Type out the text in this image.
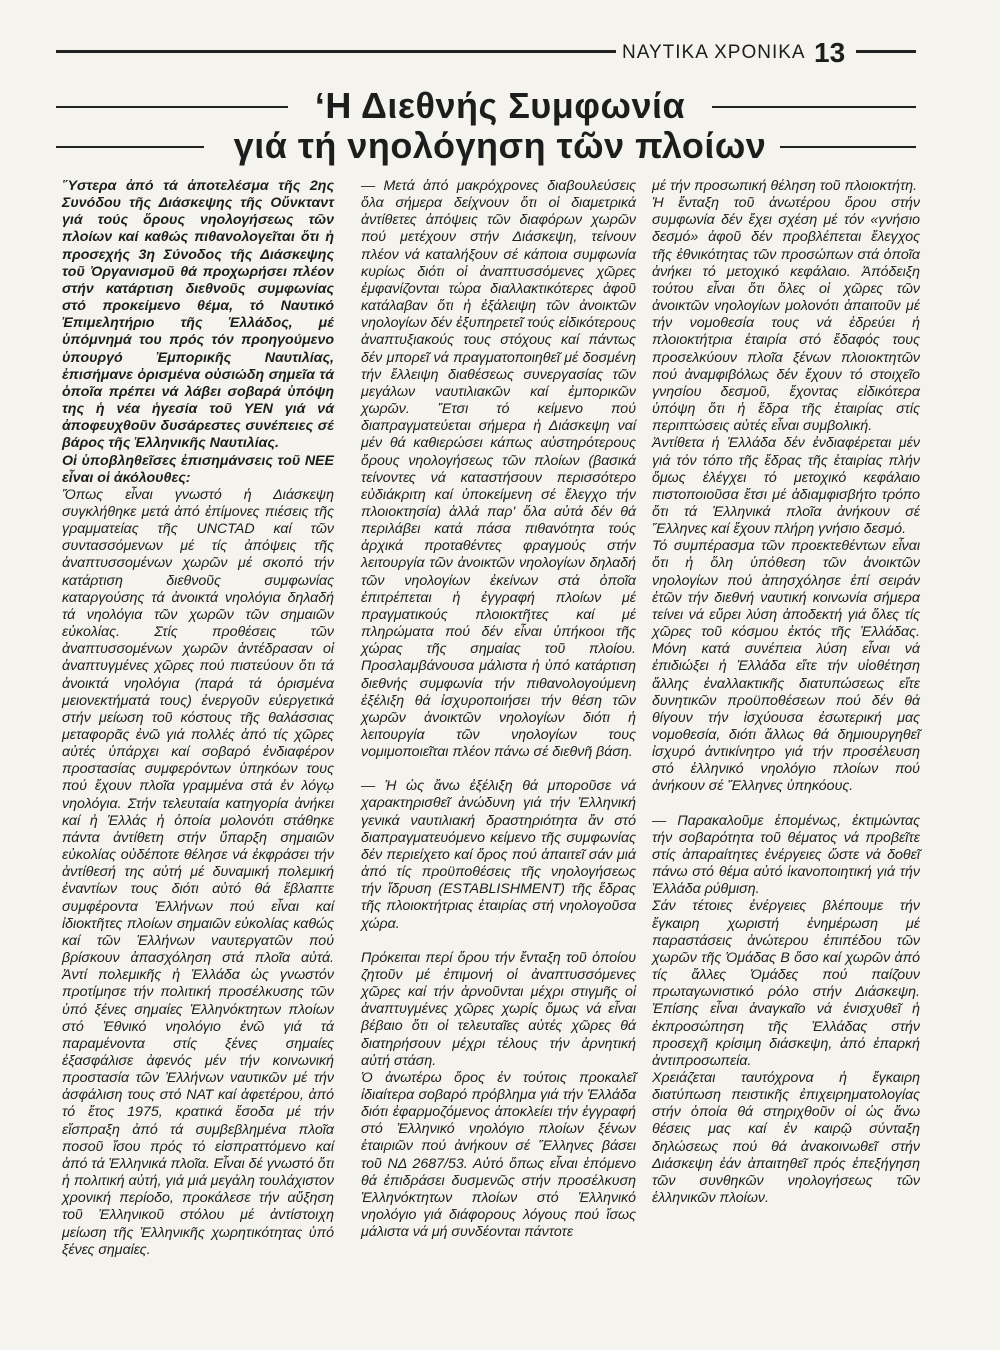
ΝΑΥΤΙΚΑ ΧΡΟΝΙΚΑ 13
‘Η Διεθνής Συμφωνία
γιά τή νηολόγηση τῶν πλοίων

Ὕστερα ἀπό τά ἀποτελέσμα τῆς 2ης Συνόδου τῆς Διάσκεψης τῆς Οὔνκταντ γιά τούς ὅρους νηολογήσεως τῶν πλοίων καί καθώς πιθανολογεῖται ὅτι ἡ προσεχής 3η Σύνοδος τῆς Διάσκεψης τοῦ Ὀργανισμοῦ θά προχωρήσει πλέον στήν κατάρτιση διεθνοῦς συμφωνίας στό προκείμενο θέμα, τό Ναυτικό Ἐπιμελητήριο τῆς Ἑλλάδος, μέ ὑπόμνημά του πρός τόν προηγούμενο ὑπουργό Ἐμπορικῆς Ναυτιλίας, ἐπισήμανε ὁρισμένα οὐσιώδη σημεῖα τά ὁποῖα πρέπει νά λάβει σοβαρά ὑπόψη της ἡ νέα ἡγεσία τοῦ ΥΕΝ γιά νά ἀποφευχθοῦν δυσάρεστες συνέπειες σέ βάρος τῆς Ἑλληνικῆς Ναυτιλίας.

Οἱ ὑποβληθεῖσες ἐπισημάνσεις τοῦ ΝΕΕ εἶναι οἱ ἀκόλουθες:

Ὅπως εἶναι γνωστό ἡ Διάσκεψη συγκλήθηκε μετά ἀπό ἐπίμονες πιέσεις τῆς γραμματείας τῆς UNCTAD καί τῶν συντασσόμενων μέ τίς ἀπόψεις τῆς ἀναπτυσσομένων χωρῶν μέ σκοπό τήν κατάρτιση διεθνοῦς συμφωνίας καταργούσης τά ἀνοικτά νηολόγια δηλαδή τά νηολόγια τῶν χωρῶν τῶν σημαιῶν εὐκολίας. Στίς προθέσεις τῶν ἀναπτυσσομένων χωρῶν ἀντέδρασαν οἱ ἀναπτυγμένες χῶρες πού πιστεύουν ὅτι τά ἀνοικτά νηολόγια (παρά τά ὁρισμένα μειονεκτήματά τους) ἐνεργοῦν εὐεργετικά στήν μείωση τοῦ κόστους τῆς θαλάσσιας μεταφορᾶς ἐνῶ γιά πολλές ἀπό τίς χῶρες αὐτές ὑπάρχει καί σοβαρό ἐνδιαφέρον προστασίας συμφερόντων ὑπηκόων τους πού ἔχουν πλοῖα γραμμένα στά ἐν λόγῳ νηολόγια. Στήν τελευταία κατηγορία ἀνήκει καί ἡ Ἑλλάς ἡ ὁποία μολονότι στάθηκε πάντα ἀντίθετη στήν ὕπαρξη σημαιῶν εὐκολίας οὐδέποτε θέλησε νά ἐκφράσει τήν ἀντίθεσή της αὐτή μέ δυναμική πολεμική ἐναντίων τους διότι αὐτό θά ἔβλαπτε συμφέροντα Ἑλλήνων πού εἶναι καί ἰδιοκτῆτες πλοίων σημαιῶν εὐκολίας καθώς καί τῶν Ἑλλήνων ναυτεργατῶν πού βρίσκουν ἀπασχόληση στά πλοῖα αὐτά. Ἀντί πολεμικῆς ἡ Ἑλλάδα ὡς γνωστόν προτίμησε τήν πολιτική προσέλκυσης τῶν ὑπό ξένες σημαίες Ἑλληνόκτητων πλοίων στό Ἐθνικό νηολόγιο ἐνῶ γιά τά παραμένοντα στίς ξένες σημαίες ἐξασφάλισε ἀφενός μέν τήν κοινωνική προστασία τῶν Ἑλλήνων ναυτικῶν μέ τήν ἀσφάλιση τους στό ΝΑΤ καί ἀφετέρου, ἀπό τό ἔτος 1975, κρατικά ἔσοδα μέ τήν εἴσπραξη ἀπό τά συμβεβλημένα πλοῖα ποσοῦ ἴσου πρός τό εἰσπραττόμενο καί ἀπό τά Ἑλληνικά πλοῖα. Εἶναι δέ γνωστό ὅτι ἡ πολιτική αὐτή, γιά μιά μεγάλη τουλάχιστον χρονική περίοδο, προκάλεσε τήν αὔξηση τοῦ Ἑλληνικοῦ στόλου μέ ἀντίστοιχη μείωση τῆς Ἑλληνικῆς χωρητικότητας ὑπό ξένες σημαίες.

— Μετά ἀπό μακρόχρονες διαβουλεύσεις ὅλα σήμερα δείχνουν ὅτι οἱ διαμετρικά ἀντίθετες ἀπόψεις τῶν διαφόρων χωρῶν πού μετέχουν στήν Διάσκεψη, τείνουν πλέον νά καταλήξουν σέ κάποια συμφωνία κυρίως διότι οἱ ἀναπτυσσόμενες χῶρες ἐμφανίζονται τώρα διαλλακτικότερες ἀφοῦ κατάλαβαν ὅτι ἡ ἐξάλειψη τῶν ἀνοικτῶν νηολογίων δέν ἐξυπηρετεῖ τούς εἰδικότερους ἀναπτυξιακούς τους στόχους καί πάντως δέν μπορεῖ νά πραγματοποιηθεῖ μέ δοσμένη τήν ἔλλειψη διαθέσεως συνεργασίας τῶν μεγάλων ναυτιλιακῶν καί ἐμπορικῶν χωρῶν. Ἔτσι τό κείμενο πού διαπραγματεύεται σήμερα ἡ Διάσκεψη ναί μέν θά καθιερώσει κάπως αὐστηρότερους ὅρους νηολογήσεως τῶν πλοίων (βασικά τείνοντες νά καταστήσουν περισσότερο εὐδιάκριτη καί ὑποκείμενη σέ ἔλεγχο τήν πλοιοκτησία) ἀλλά παρ' ὅλα αὐτά δέν θά περιλάβει κατά πάσα πιθανότητα τούς ἀρχικά προταθέντες φραγμούς στήν λειτουργία τῶν ἀνοικτῶν νηολογίων δηλαδή τῶν νηολογίων ἐκείνων στά ὁποῖα ἐπιτρέπεται ἡ ἐγγραφή πλοίων μέ πραγματικούς πλοιοκτῆτες καί μέ πληρώματα πού δέν εἶναι ὑπήκοοι τῆς χώρας τῆς σημαίας τοῦ πλοίου. Προσλαμβάνουσα μάλιστα ἡ ὑπό κατάρτιση διεθνής συμφωνία τήν πιθανολογούμενη ἐξέλιξη θά ἰσχυροποιήσει τήν θέση τῶν χωρῶν ἀνοικτῶν νηολογίων διότι ἡ λειτουργία τῶν νηολογίων τους νομιμοποιεῖται πλέον πάνω σέ διεθνῆ βάση.

— Ἡ ὡς ἄνω ἐξέλιξη θά μποροῦσε νά χαρακτηρισθεῖ ἀνώδυνη γιά τήν Ἑλληνική γενικά ναυτιλιακή δραστηριότητα ἄν στό διαπραγματευόμενο κείμενο τῆς συμφωνίας δέν περιείχετο καί ὅρος πού ἀπαιτεῖ σάν μιά ἀπό τίς προϋποθέσεις τῆς νηολογήσεως τήν ἵδρυση (ESTABLISHMENT) τῆς ἕδρας τῆς πλοιοκτήτριας ἑταιρίας στή νηολογοῦσα χώρα.

Πρόκειται περί ὅρου τήν ἔνταξη τοῦ ὁποίου ζητοῦν μέ ἐπιμονή οἱ ἀναπτυσσόμενες χῶρες καί τήν ἀρνοῦνται μέχρι στιγμῆς οἱ ἀναπτυγμένες χῶρες χωρίς ὅμως νά εἶναι βέβαιο ὅτι οἱ τελευταῖες αὐτές χῶρες θά διατηρήσουν μέχρι τέλους τήν ἀρνητική αὐτή στάση.

Ὁ ἀνωτέρω ὅρος ἐν τούτοις προκαλεῖ ἰδιαίτερα σοβαρό πρόβλημα γιά τήν Ἑλλάδα διότι ἐφαρμοζόμενος ἀποκλείει τήν ἐγγραφή στό Ἑλληνικό νηολόγιο πλοίων ξένων ἑταιριῶν πού ἀνήκουν σέ Ἕλληνες βάσει τοῦ ΝΔ 2687/53. Αὐτό ὅπως εἶναι ἑπόμενο θά ἐπιδράσει δυσμενῶς στήν προσέλκυση Ἑλληνόκτητων πλοίων στό Ἑλληνικό νηολόγιο γιά διάφορους λόγους πού ἴσως μάλιστα νά μή συνδέονται πάντοτε

μέ τήν προσωπική θέληση τοῦ πλοιοκτήτη.

Ἡ ἔνταξη τοῦ ἀνωτέρου ὅρου στήν συμφωνία δέν ἔχει σχέση μέ τόν «γνήσιο δεσμό» ἀφοῦ δέν προβλέπεται ἔλεγχος τῆς ἐθνικότητας τῶν προσώπων στά ὁποῖα ἀνήκει τό μετοχικό κεφάλαιο. Ἀπόδειξη τούτου εἶναι ὅτι ὅλες οἱ χῶρες τῶν ἀνοικτῶν νηολογίων μολονότι ἀπαιτοῦν μέ τήν νομοθεσία τους νά ἑδρεύει ἡ πλοιοκτήτρια ἑταιρία στό ἔδαφός τους προσελκύουν πλοῖα ξένων πλοιοκτητῶν πού ἀναμφιβόλως δέν ἔχουν τό στοιχεῖο γνησίου δεσμοῦ, ἔχοντας εἰδικότερα ὑπόψη ὅτι ἡ ἕδρα τῆς ἑταιρίας στίς περιπτώσεις αὐτές εἶναι συμβολική.

Ἀντίθετα ἡ Ἑλλάδα δέν ἐνδιαφέρεται μέν γιά τόν τόπο τῆς ἕδρας τῆς ἑταιρίας πλήν ὅμως ἐλέγχει τό μετοχικό κεφάλαιο πιστοποιοῦσα ἔτσι μέ ἀδιαμφισβήτο τρόπο ὅτι τά Ἑλληνικά πλοῖα ἀνήκουν σέ Ἕλληνες καί ἔχουν πλήρη γνήσιο δεσμό.

Τό συμπέρασμα τῶν προεκτεθέντων εἶναι ὅτι ἡ ὅλη ὑπόθεση τῶν ἀνοικτῶν νηολογίων πού ἀπησχόλησε ἐπί σειράν ἐτῶν τήν διεθνή ναυτική κοινωνία σήμερα τείνει νά εὕρει λύση ἀποδεκτή γιά ὅλες τίς χῶρες τοῦ κόσμου ἐκτός τῆς Ἑλλάδας. Μόνη κατά συνέπεια λύση εἶναι νά ἐπιδιώξει ἡ Ἑλλάδα εἴτε τήν υἱοθέτηση ἄλλης ἐναλλακτικῆς διατυπώσεως εἴτε δυνητικῶν προϋποθέσεων πού δέν θά θίγουν τήν ἰσχύουσα ἐσωτερική μας νομοθεσία, διότι ἄλλως θά δημιουργηθεῖ ἰσχυρό ἀντικίνητρο γιά τήν προσέλευση στό ἑλληνικό νηολόγιο πλοίων πού ἀνήκουν σέ Ἕλληνες ὑπηκόους.

— Παρακαλοῦμε ἑπομένως, ἐκτιμώντας τήν σοβαρότητα τοῦ θέματος νά προβεῖτε στίς ἀπαραίτητες ἐνέργειες ὥστε νά δοθεῖ πάνω στό θέμα αὐτό ἱκανοποιητική γιά τήν Ἑλλάδα ρύθμιση.

Σάν τέτοιες ἐνέργειες βλέπουμε τήν ἔγκαιρη χωριστή ἐνημέρωση μέ παραστάσεις ἀνώτερου ἐπιπέδου τῶν χωρῶν τῆς Ὁμάδας Β ὅσο καί χωρῶν ἀπό τίς ἄλλες Ὁμάδες πού παίζουν πρωταγωνιστικό ρόλο στήν Διάσκεψη. Ἐπίσης εἶναι ἀναγκαῖο νά ἐνισχυθεῖ ἡ ἐκπροσώπηση τῆς Ἑλλάδας στήν προσεχῆ κρίσιμη διάσκεψη, ἀπό ἐπαρκή ἀντιπροσωπεία.

Χρειάζεται ταυτόχρονα ἡ ἔγκαιρη διατύπωση πειστικῆς ἐπιχειρηματολογίας στήν ὁποία θά στηριχθοῦν οἱ ὡς ἄνω θέσεις μας καί ἐν καιρῷ σύνταξη δηλώσεως πού θά ἀνακοινωθεῖ στήν Διάσκεψη ἐάν ἀπαιτηθεῖ πρός ἐπεξήγηση τῶν συνθηκῶν νηολογήσεως τῶν ἑλληνικῶν πλοίων.
